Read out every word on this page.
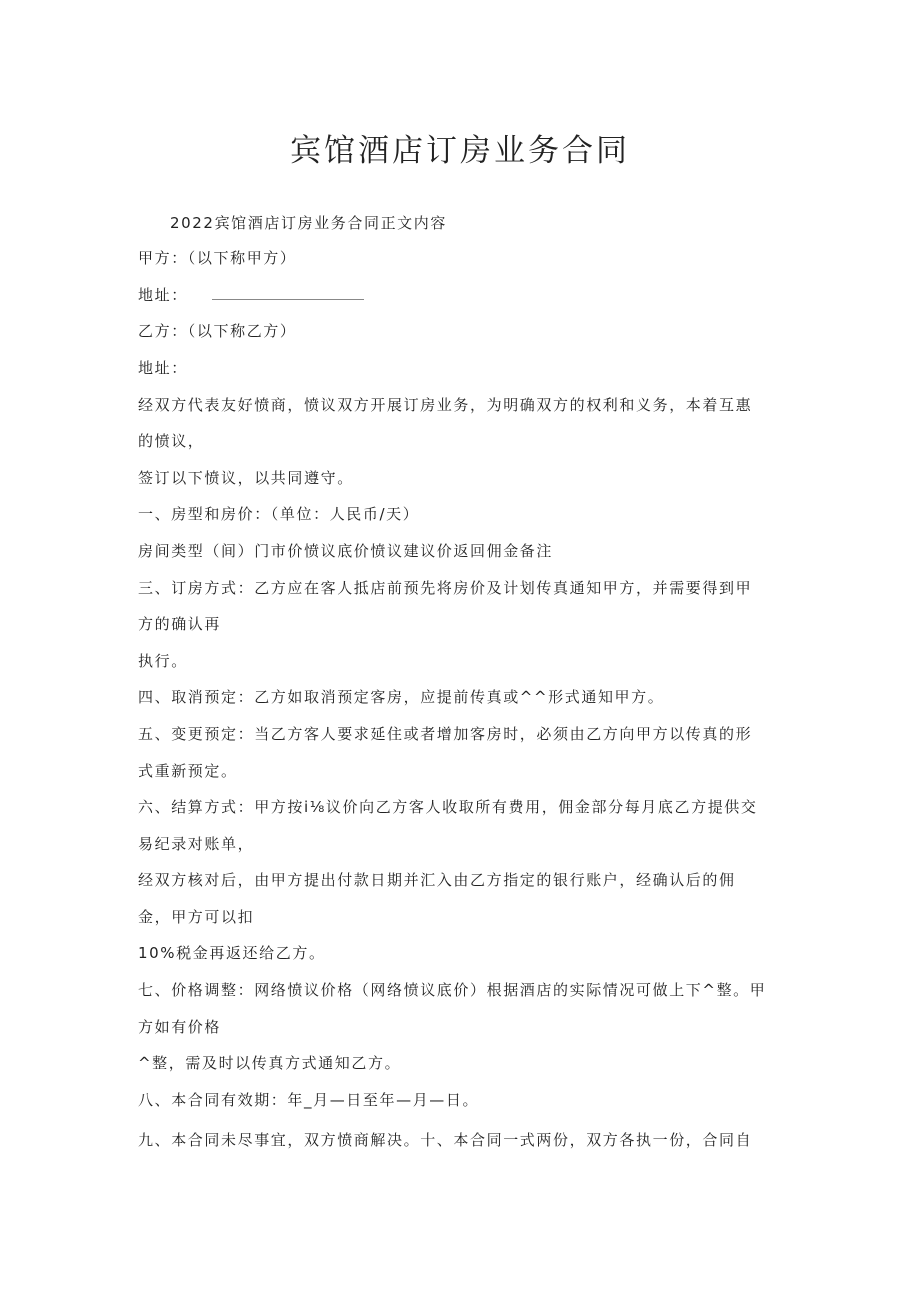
宾馆酒店订房业务合同
2022宾馆酒店订房业务合同正文内容
甲方：（以下称甲方）
地址：
乙方：（以下称乙方）
地址：
经双方代表友好愤商，愤议双方开展订房业务，为明确双方的权利和义务，本着互惠
的愤议，
签订以下愤议，以共同遵守。
一、房型和房价：（单位：人民币/天）
房间类型（间）门市价愤议底价愤议建议价返回佣金备注
三、订房方式：乙方应在客人抵店前预先将房价及计划传真通知甲方，并需要得到甲
方的确认再
执行。
四、取消预定：乙方如取消预定客房，应提前传真或^^形式通知甲方。
五、变更预定：当乙方客人要求延住或者增加客房时，必须由乙方向甲方以传真的形
式重新预定。
六、结算方式：甲方按i⅛议价向乙方客人收取所有费用，佣金部分每月底乙方提供交
易纪录对账单，
经双方核对后，由甲方提出付款日期并汇入由乙方指定的银行账户，经确认后的佣
金，甲方可以扣
10%税金再返还给乙方。
七、价格调整：网络愤议价格（网络愤议底价）根据酒店的实际情况可做上下^整。甲
方如有价格
^整，需及时以传真方式通知乙方。
八、本合同有效期：年_月—日至年—月—日。
九、本合同未尽事宜，双方愤商解决。十、本合同一式两份，双方各执一份，合同自
